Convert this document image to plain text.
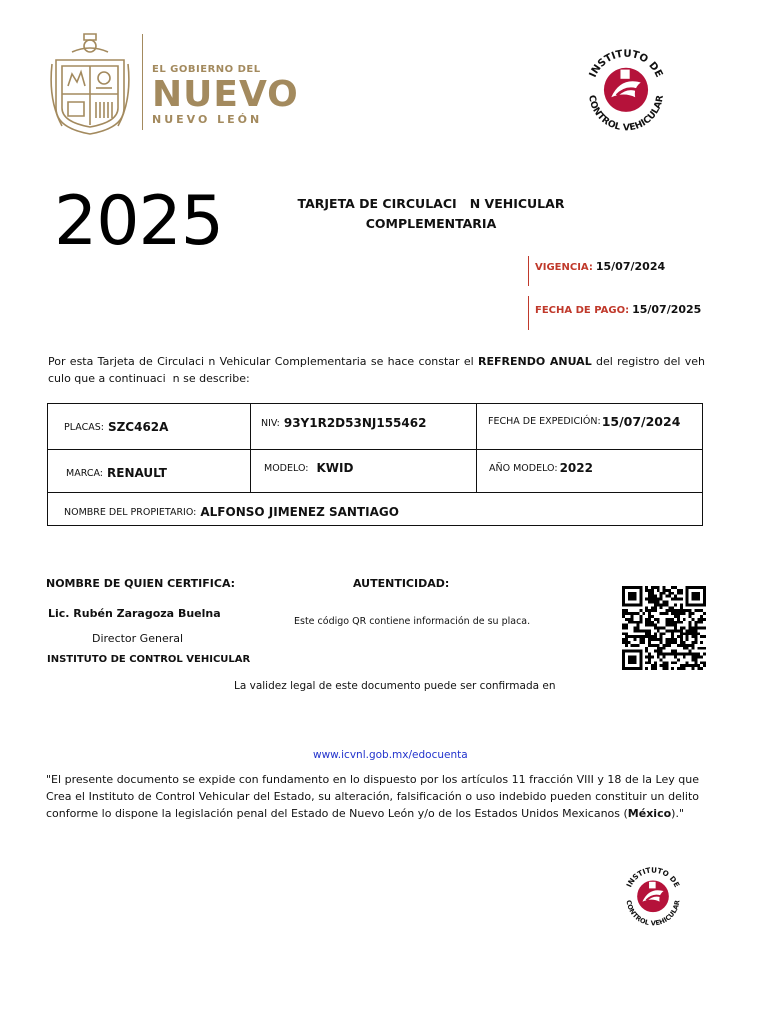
EL GOBIERNO DEL
NUEVO
NUEVO LEÓN
INSTITUTO DE
CONTROL VEHICULAR
2025	TARJETA DE CIRCULACI   N VEHICULAR
COMPLEMENTARIA
VIGENCIA: 15/07/2024
FECHA DE PAGO: 15/07/2025
Por esta Tarjeta de Circulaci n Vehicular Complementaria se hace constar el REFRENDO ANUAL del registro del veh culo que a continuaci  n se describe:
PLACAS: SZC462A	NIV: 93Y1R2D53NJ155462	FECHA DE EXPEDICIÓN: 15/07/2024
MARCA: RENAULT	MODELO: KWID	AÑO MODELO: 2022
NOMBRE DEL PROPIETARIO: ALFONSO JIMENEZ SANTIAGO
NOMBRE DE QUIEN CERTIFICA:	AUTENTICIDAD:
Lic. Rubén Zaragoza Buelna
Director General
INSTITUTO DE CONTROL VEHICULAR
Este código QR contiene información de su placa.
La validez legal de este documento puede ser confirmada en
www.icvnl.gob.mx/edocuenta
"El presente documento se expide con fundamento en lo dispuesto por los artículos 11 fracción VIII y 18 de la Ley que Crea el Instituto de Control Vehicular del Estado, su alteración, falsificación o uso indebido pueden constituir un delito conforme lo dispone la legislación penal del Estado de Nuevo León y/o de los Estados Unidos Mexicanos (México)."
INSTITUTO DE
CONTROL VEHICULAR
